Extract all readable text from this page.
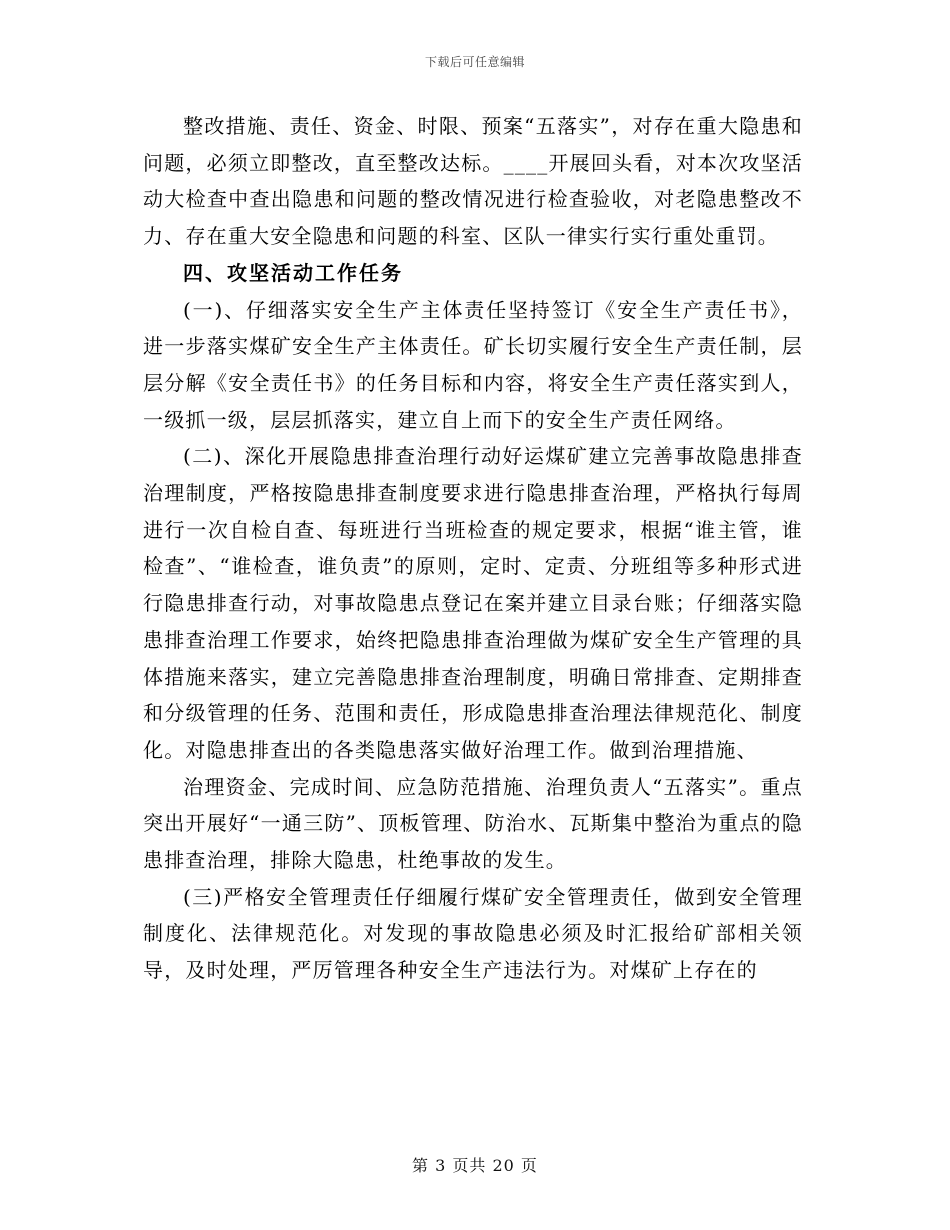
下载后可任意编辑

整改措施、责任、资金、时限、预案“五落实”，对存在重大隐患和问题，必须立即整改，直至整改达标。____开展回头看，对本次攻坚活动大检查中查出隐患和问题的整改情况进行检查验收，对老隐患整改不力、存在重大安全隐患和问题的科室、区队一律实行实行重处重罚。

四、攻坚活动工作任务

(一)、仔细落实安全生产主体责任坚持签订《安全生产责任书》，进一步落实煤矿安全生产主体责任。矿长切实履行安全生产责任制，层层分解《安全责任书》的任务目标和内容，将安全生产责任落实到人，一级抓一级，层层抓落实，建立自上而下的安全生产责任网络。

(二)、深化开展隐患排查治理行动好运煤矿建立完善事故隐患排查治理制度，严格按隐患排查制度要求进行隐患排查治理，严格执行每周进行一次自检自查、每班进行当班检查的规定要求，根据“谁主管，谁检查”、“谁检查，谁负责”的原则，定时、定责、分班组等多种形式进行隐患排查行动，对事故隐患点登记在案并建立目录台账；仔细落实隐患排查治理工作要求，始终把隐患排查治理做为煤矿安全生产管理的具体措施来落实，建立完善隐患排查治理制度，明确日常排查、定期排查和分级管理的任务、范围和责任，形成隐患排查治理法律规范化、制度化。对隐患排查出的各类隐患落实做好治理工作。做到治理措施、

治理资金、完成时间、应急防范措施、治理负责人“五落实”。重点突出开展好“一通三防”、顶板管理、防治水、瓦斯集中整治为重点的隐患排查治理，排除大隐患，杜绝事故的发生。

(三)严格安全管理责任仔细履行煤矿安全管理责任，做到安全管理制度化、法律规范化。对发现的事故隐患必须及时汇报给矿部相关领导，及时处理，严厉管理各种安全生产违法行为。对煤矿上存在的

第 3 页共 20 页
